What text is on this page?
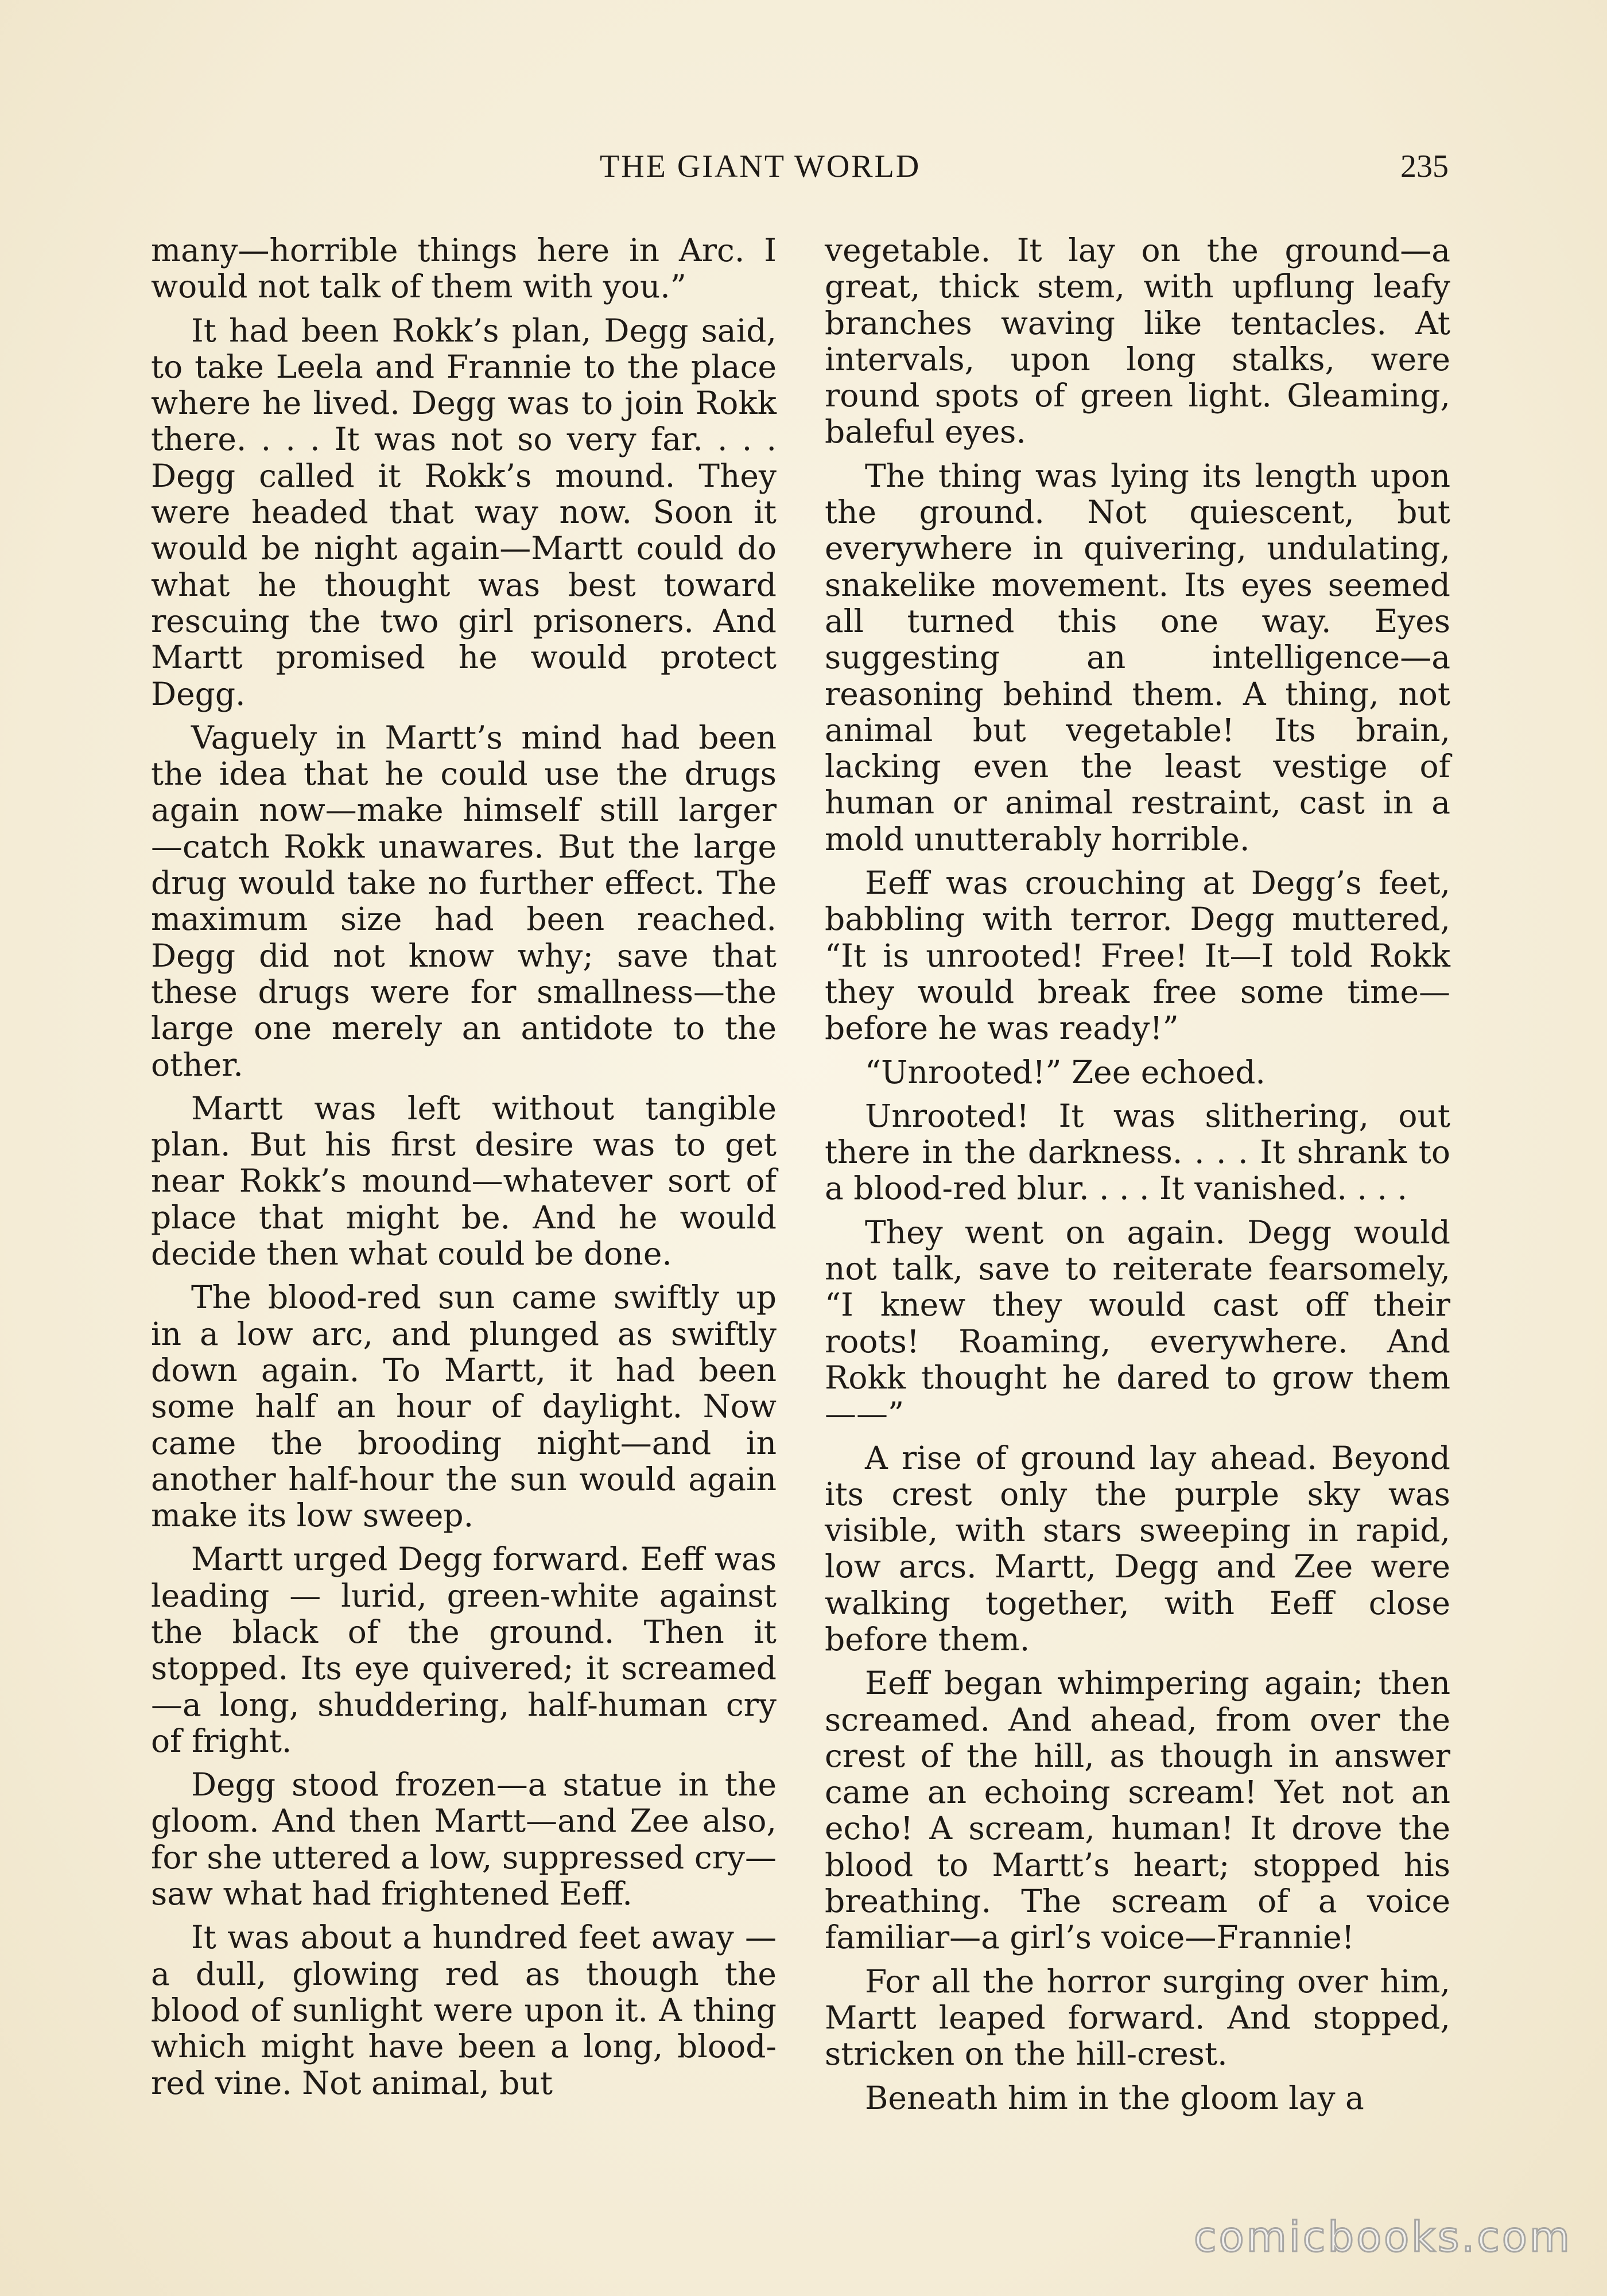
THE GIANT WORLD	235

many—horrible things here in Arc. I would not talk of them with you.”

It had been Rokk’s plan, Degg said, to take Leela and Frannie to the place where he lived. Degg was to join Rokk there. . . . It was not so very far. . . . Degg called it Rokk’s mound. They were headed that way now. Soon it would be night again—Martt could do what he thought was best toward rescuing the two girl prisoners. And Martt promised he would protect Degg.

Vaguely in Martt’s mind had been the idea that he could use the drugs again now—make himself still larger —catch Rokk unawares. But the large drug would take no further effect. The maximum size had been reached. Degg did not know why; save that these drugs were for smallness—the large one merely an antidote to the other.

Martt was left without tangible plan. But his first desire was to get near Rokk’s mound—whatever sort of place that might be. And he would decide then what could be done.

The blood-red sun came swiftly up in a low arc, and plunged as swiftly down again. To Martt, it had been some half an hour of daylight. Now came the brooding night—and in another half-hour the sun would again make its low sweep.

Martt urged Degg forward. Eeff was leading — lurid, green-white against the black of the ground. Then it stopped. Its eye quivered; it screamed—a long, shuddering, half-human cry of fright.

Degg stood frozen—a statue in the gloom. And then Martt—and Zee also, for she uttered a low, suppressed cry—saw what had frightened Eeff.

It was about a hundred feet away —a dull, glowing red as though the blood of sunlight were upon it. A thing which might have been a long, blood-red vine. Not animal, but

vegetable. It lay on the ground—a great, thick stem, with upflung leafy branches waving like tentacles. At intervals, upon long stalks, were round spots of green light. Gleaming, baleful eyes.

The thing was lying its length upon the ground. Not quiescent, but everywhere in quivering, undulating, snakelike movement. Its eyes seemed all turned this one way. Eyes suggesting an intelligence—a reasoning behind them. A thing, not animal but vegetable! Its brain, lacking even the least vestige of human or animal restraint, cast in a mold unutterably horrible.

Eeff was crouching at Degg’s feet, babbling with terror. Degg muttered, “It is unrooted! Free! It—I told Rokk they would break free some time—before he was ready!”

“Unrooted!” Zee echoed.

Unrooted! It was slithering, out there in the darkness. . . . It shrank to a blood-red blur. . . . It vanished. . . .

They went on again. Degg would not talk, save to reiterate fearsomely, “I knew they would cast off their roots! Roaming, everywhere. And Rokk thought he dared to grow them——”

A rise of ground lay ahead. Beyond its crest only the purple sky was visible, with stars sweeping in rapid, low arcs. Martt, Degg and Zee were walking together, with Eeff close before them.

Eeff began whimpering again; then screamed. And ahead, from over the crest of the hill, as though in answer came an echoing scream! Yet not an echo! A scream, human! It drove the blood to Martt’s heart; stopped his breathing. The scream of a voice familiar—a girl’s voice—Frannie!

For all the horror surging over him, Martt leaped forward. And stopped, stricken on the hill-crest.

Beneath him in the gloom lay a

comicbooks.com
